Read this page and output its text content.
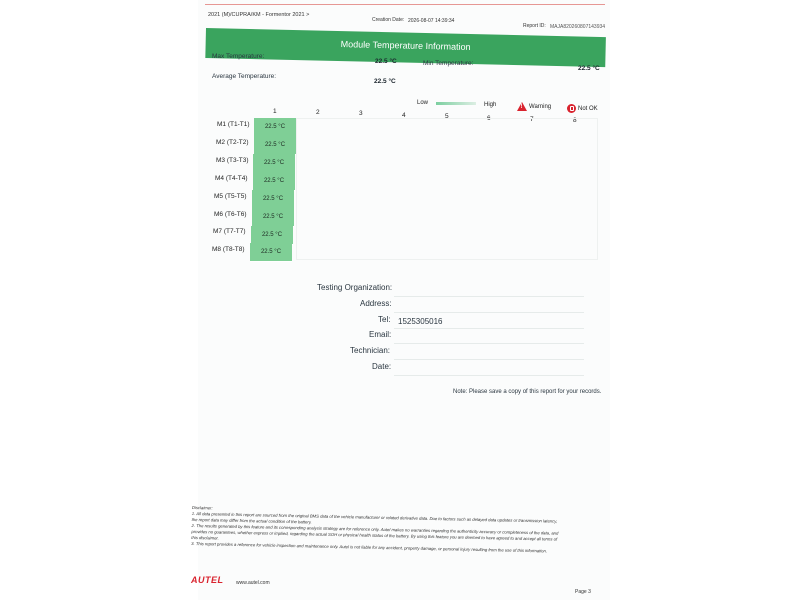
2021 (M)/CUPRA/KM - Formentor 2021 >
Creation Date: 2026-08-07 14:39:34
Report ID: MAJA820260807143934
Module Temperature Information
Max Temperature:
22.5 °C	Min Temperature:
22.5 °C
Average Temperature:
22.5 °C
1	2	3	4	5	6	7	8
Low	High
!	Warning	Not OK
M1 (T1-T1)	22.5 °C
M2 (T2-T2)	22.5 °C
M3 (T3-T3)	22.5 °C
M4 (T4-T4)	22.5 °C
M5 (T5-T5)	22.5 °C
M6 (T6-T6)	22.5 °C
M7 (T7-T7)	22.5 °C
M8 (T8-T8)	22.5 °C
Testing Organization:
Address:
Tel: 1525305016
Email:
Technician:
Date:
Note: Please save a copy of this report for your records.

Disclaimer:

1. All data presented in this report are sourced from the original BMS data of the vehicle manufacturer or related derivative data. Due to factors such as delayed data updates or transmission latency, the report data may differ from the actual condition of the battery.

2. The results generated by this feature and its corresponding analysis strategy are for reference only. Autel makes no warranties regarding the authenticity accuracy or completeness of the data, and provides no guarantees, whether express or implied, regarding the actual SOH or physical health status of the battery. By using this feature you are deemed to have agreed to and accept all terms of this disclaimer.

3. This report provides a reference for vehicle inspection and maintenance only. Autel is not liable for any accident, property damage, or personal injury resulting from the use of this information.

AUTEL	www.autel.com
Page 3
